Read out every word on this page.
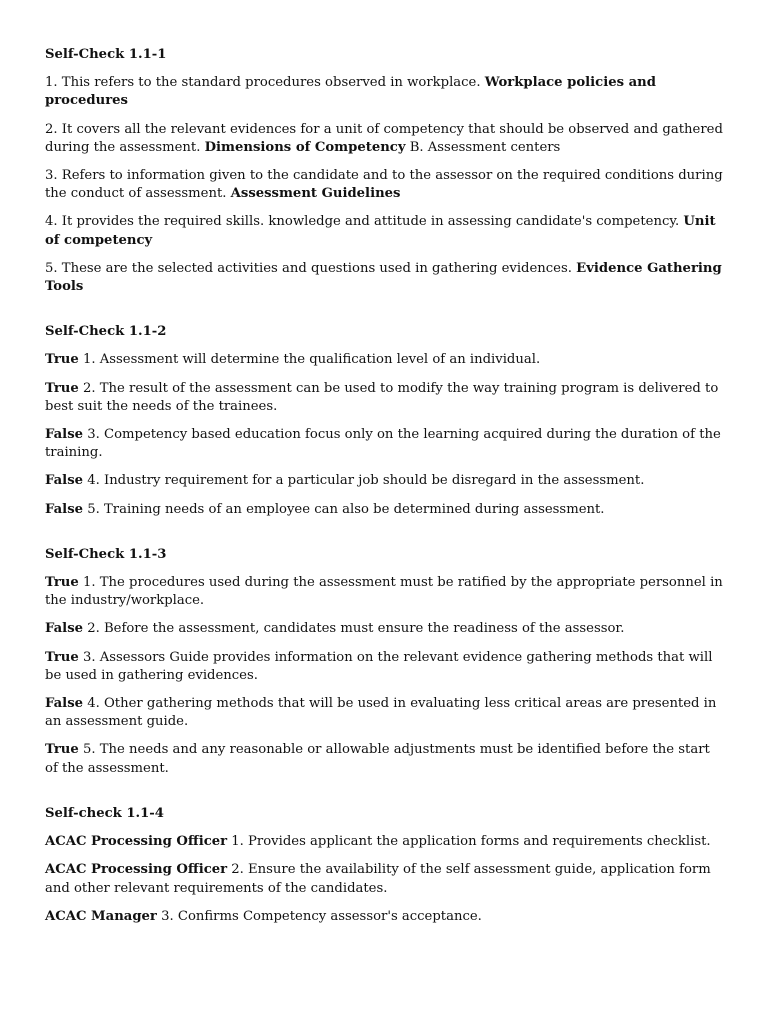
Self-Check 1.1-1

1. This refers to the standard procedures observed in workplace. Workplace policies and procedures

2. It covers all the relevant evidences for a unit of competency that should be observed and gathered during the assessment. Dimensions of Competency B. Assessment centers

3. Refers to information given to the candidate and to the assessor on the required conditions during the conduct of assessment. Assessment Guidelines

4. It provides the required skills. knowledge and attitude in assessing candidate's competency. Unit of competency

5. These are the selected activities and questions used in gathering evidences. Evidence Gathering Tools

Self-Check 1.1-2

True 1. Assessment will determine the qualification level of an individual.

True 2. The result of the assessment can be used to modify the way training program is delivered to best suit the needs of the trainees.

False 3. Competency based education focus only on the learning acquired during the duration of the training.

False 4. Industry requirement for a particular job should be disregard in the assessment.

False 5. Training needs of an employee can also be determined during assessment.

Self-Check 1.1-3

True 1. The procedures used during the assessment must be ratified by the appropriate personnel in the industry/workplace.

False 2. Before the assessment, candidates must ensure the readiness of the assessor.

True 3. Assessors Guide provides information on the relevant evidence gathering methods that will be used in gathering evidences.

False 4. Other gathering methods that will be used in evaluating less critical areas are presented in an assessment guide.

True 5. The needs and any reasonable or allowable adjustments must be identified before the start of the assessment.

Self-check 1.1-4

ACAC Processing Officer 1. Provides applicant the application forms and requirements checklist.

ACAC Processing Officer 2. Ensure the availability of the self assessment guide, application form and other relevant requirements of the candidates.

ACAC Manager 3. Confirms Competency assessor's acceptance.
